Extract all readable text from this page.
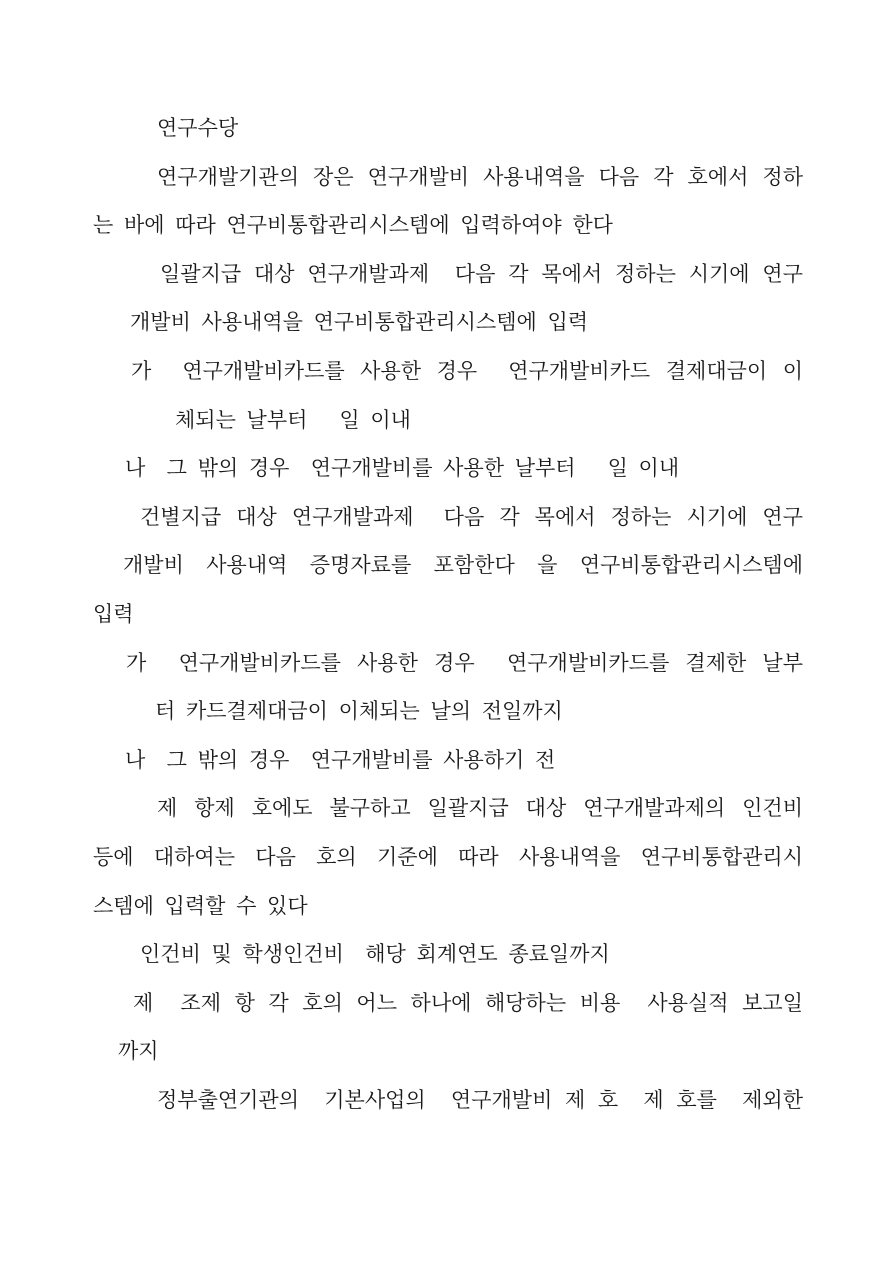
연구수당
연구개발기관의 장은 연구개발비 사용내역을 다음 각 호에서 정하
는 바에 따라 연구비통합관리시스템에 입력하여야 한다
일괄지급 대상 연구개발과제  다음 각 목에서 정하는 시기에 연구
개발비 사용내역을 연구비통합관리시스템에 입력
가  연구개발비카드를 사용한 경우  연구개발비카드 결제대금이 이
체되는 날부터   일 이내
나  그 밖의 경우  연구개발비를 사용한 날부터   일 이내
건별지급 대상 연구개발과제  다음 각 목에서 정하는 시기에 연구
개발비 사용내역 증명자료를 포함한다 을 연구비통합관리시스템에
입력
가  연구개발비카드를 사용한 경우  연구개발비카드를 결제한 날부
터 카드결제대금이 이체되는 날의 전일까지
나  그 밖의 경우  연구개발비를 사용하기 전
제 항제 호에도 불구하고 일괄지급 대상 연구개발과제의 인건비
등에 대하여는 다음 호의 기준에 따라 사용내역을 연구비통합관리시
스템에 입력할 수 있다
인건비 및 학생인건비  해당 회계연도 종료일까지
제  조제 항 각 호의 어느 하나에 해당하는 비용  사용실적 보고일
까지
정부출연기관의  기본사업의  연구개발비 제 호  제 호를  제외한
